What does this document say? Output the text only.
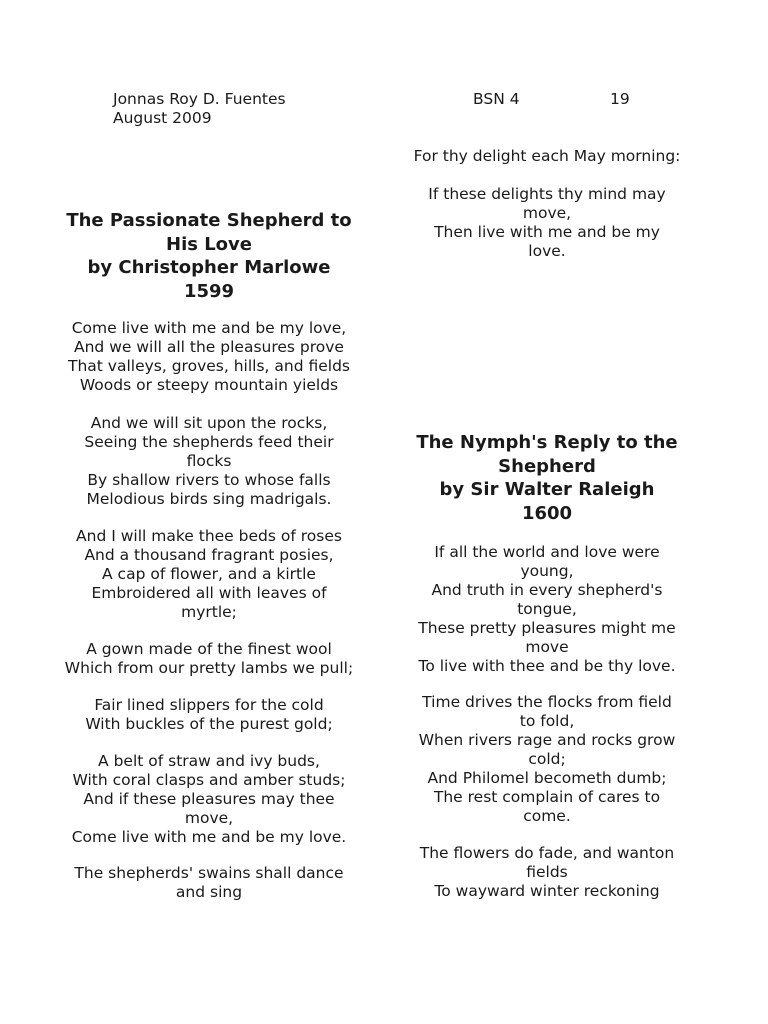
Jonnas Roy D. Fuentes
August 2009
BSN 4	19
The Passionate Shepherd to
His Love
by Christopher Marlowe
1599

Come live with me and be my love,
And we will all the pleasures prove
That valleys, groves, hills, and fields
Woods or steepy mountain yields

And we will sit upon the rocks,
Seeing the shepherds feed their
flocks
By shallow rivers to whose falls
Melodious birds sing madrigals.

And I will make thee beds of roses
And a thousand fragrant posies,
A cap of flower, and a kirtle
Embroidered all with leaves of
myrtle;

A gown made of the finest wool
Which from our pretty lambs we pull;

Fair lined slippers for the cold
With buckles of the purest gold;

A belt of straw and ivy buds,
With coral clasps and amber studs;
And if these pleasures may thee
move,
Come live with me and be my love.

The shepherds' swains shall dance
and sing

For thy delight each May morning:

If these delights thy mind may
move,
Then live with me and be my
love.

The Nymph's Reply to the
Shepherd
by Sir Walter Raleigh
1600

If all the world and love were
young,
And truth in every shepherd's
tongue,
These pretty pleasures might me
move
To live with thee and be thy love.

Time drives the flocks from field
to fold,
When rivers rage and rocks grow
cold;
And Philomel becometh dumb;
The rest complain of cares to
come.

The flowers do fade, and wanton
fields
To wayward winter reckoning
